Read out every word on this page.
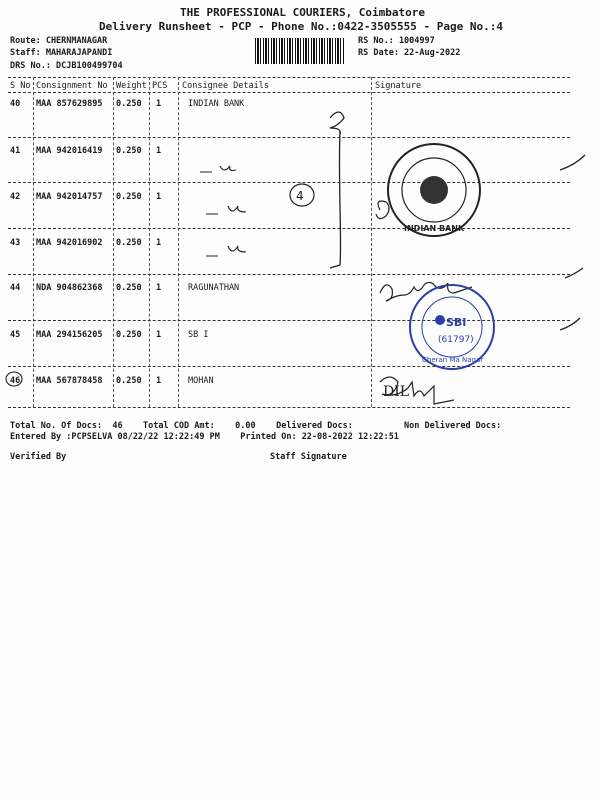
THE PROFESSIONAL COURIERS, Coimbatore
Delivery Runsheet - PCP - Phone No.:0422-3505555 - Page No.:4
Route: CHERNMANAGAR
Staff: MAHARAJAPANDI
DRS No.: DCJB100499704
RS No.: 1004997
RS Date: 22-Aug-2022
S No Consignment No Weight PCS Consignee Details	Signature
40 MAA 857629895 0.250 1	INDIAN BANK
41 MAA 942016419 0.250 1
42 MAA 942014757 0.250 1
43 MAA 942016902 0.250 1
44 NDA 904862368 0.250 1	RAGUNATHAN
45 MAA 294156205 0.250 1	SB I
46 MAA 567878458 0.250 1	MOHAN
Total No. Of Docs:  46    Total COD Amt:    0.00    Delivered Docs:          Non Delivered Docs:
Entered By :PCPSELVA 08/22/22 12:22:49 PM    Printed On: 22-08-2022 12:22:51
Verified By	Staff Signature
4
INDIAN BANK
SBI
(61797)
Cheran Ma Nagar
DIL
